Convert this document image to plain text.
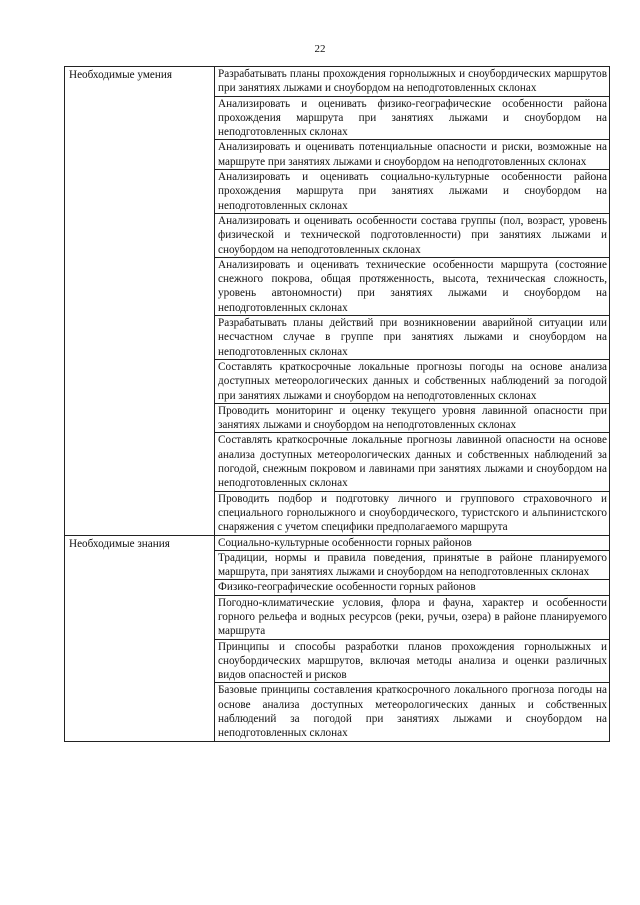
22
Необходимые умения	Разрабатывать планы прохождения горнолыжных и сноубордических маршрутов при занятиях лыжами и сноубордом на неподготовленных склонах
	Анализировать и оценивать физико-географические особенности района прохождения маршрута при занятиях лыжами и сноубордом на неподготовленных склонах
	Анализировать и оценивать потенциальные опасности и риски, возможные на маршруте при занятиях лыжами и сноубордом на неподготовленных склонах
	Анализировать и оценивать социально-культурные особенности района прохождения маршрута при занятиях лыжами и сноубордом на неподготовленных склонах
	Анализировать и оценивать особенности состава группы (пол, возраст, уровень физической и технической подготовленности) при занятиях лыжами и сноубордом на неподготовленных склонах
	Анализировать и оценивать технические особенности маршрута (состояние снежного покрова, общая протяженность, высота, техническая сложность, уровень автономности) при занятиях лыжами и сноубордом на неподготовленных склонах
	Разрабатывать планы действий при возникновении аварийной ситуации или несчастном случае в группе при занятиях лыжами и сноубордом на неподготовленных склонах
	Составлять краткосрочные локальные прогнозы погоды на основе анализа доступных метеорологических данных и собственных наблюдений за погодой при занятиях лыжами и сноубордом на неподготовленных склонах
	Проводить мониторинг и оценку текущего уровня лавинной опасности при занятиях лыжами и сноубордом на неподготовленных склонах
	Составлять краткосрочные локальные прогнозы лавинной опасности на основе анализа доступных метеорологических данных и собственных наблюдений за погодой, снежным покровом и лавинами при занятиях лыжами и сноубордом на неподготовленных склонах
	Проводить подбор и подготовку личного и группового страховочного и специального горнолыжного и сноубордического, туристского и альпинистского снаряжения с учетом специфики предполагаемого маршрута
Необходимые знания	Социально-культурные особенности горных районов
	Традиции, нормы и правила поведения, принятые в районе планируемого маршрута, при занятиях лыжами и сноубордом на неподготовленных склонах
	Физико-географические особенности горных районов
	Погодно-климатические условия, флора и фауна, характер и особенности горного рельефа и водных ресурсов (реки, ручьи, озера) в районе планируемого маршрута
	Принципы и способы разработки планов прохождения горнолыжных и сноубордических маршрутов, включая методы анализа и оценки различных видов опасностей и рисков
	Базовые принципы составления краткосрочного локального прогноза погоды на основе анализа доступных метеорологических данных и собственных наблюдений за погодой при занятиях лыжами и сноубордом на неподготовленных склонах
